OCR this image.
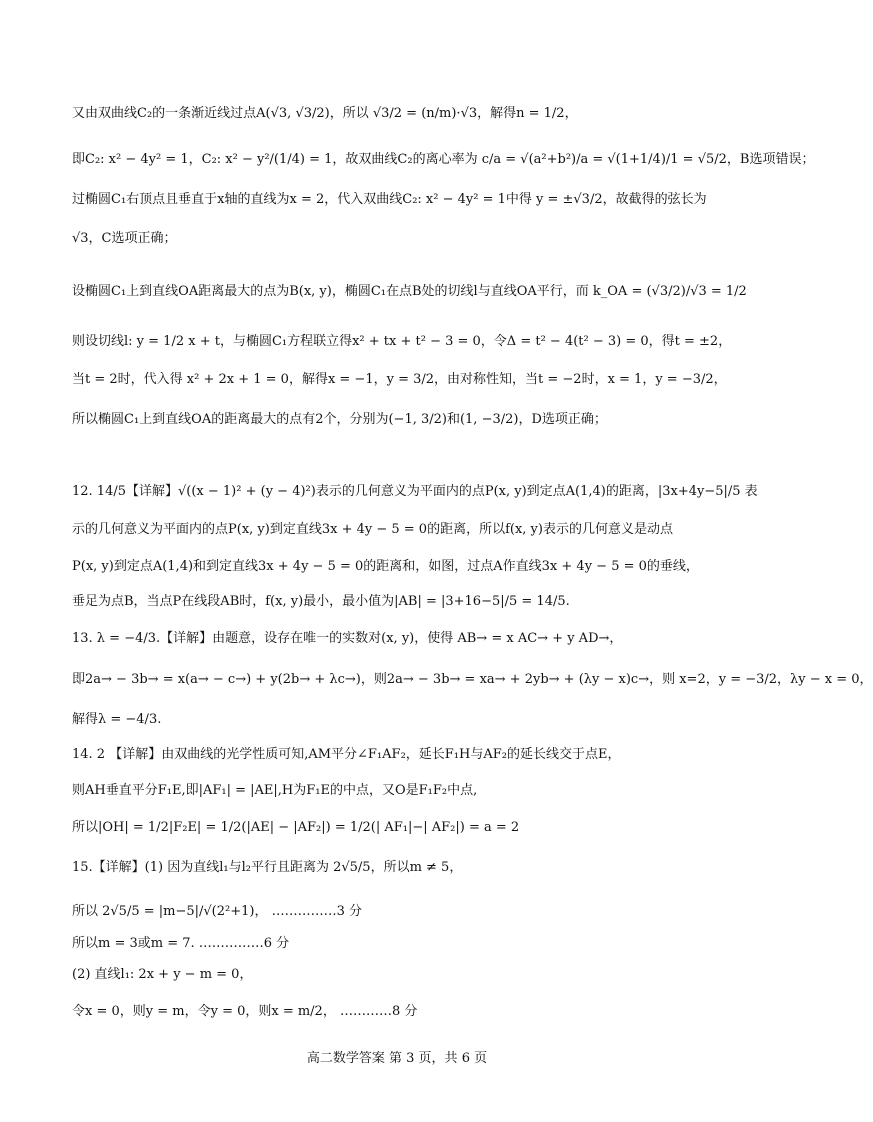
又由双曲线C₂的一条渐近线过点A(√3, √3/2)，所以 √3/2 = (n/m)·√3，解得n = 1/2，
即C₂: x² − 4y² = 1，C₂: x² − y²/(1/4) = 1，故双曲线C₂的离心率为 c/a = √(a²+b²)/a = √(1+1/4)/1 = √5/2，B选项错误；
过椭圆C₁右顶点且垂直于x轴的直线为x = 2，代入双曲线C₂: x² − 4y² = 1中得 y = ±√3/2，故截得的弦长为
√3，C选项正确；
设椭圆C₁上到直线OA距离最大的点为B(x, y)，椭圆C₁在点B处的切线l与直线OA平行，而 k_OA = (√3/2)/√3 = 1/2
则设切线l: y = 1/2 x + t，与椭圆C₁方程联立得x² + tx + t² − 3 = 0，令Δ = t² − 4(t² − 3) = 0，得t = ±2，
当t = 2时，代入得 x² + 2x + 1 = 0，解得x = −1，y = 3/2，由对称性知，当t = −2时，x = 1，y = −3/2，
所以椭圆C₁上到直线OA的距离最大的点有2个，分别为(−1, 3/2)和(1, −3/2)，D选项正确；
12. 14/5【详解】√((x − 1)² + (y − 4)²)表示的几何意义为平面内的点P(x, y)到定点A(1,4)的距离，|3x+4y−5|/5 表
示的几何意义为平面内的点P(x, y)到定直线3x + 4y − 5 = 0的距离，所以f(x, y)表示的几何意义是动点
P(x, y)到定点A(1,4)和到定直线3x + 4y − 5 = 0的距离和，如图，过点A作直线3x + 4y − 5 = 0的垂线，
垂足为点B，当点P在线段AB时，f(x, y)最小，最小值为|AB| = |3+16−5|/5 = 14/5.
13. λ = −4/3.【详解】由题意，设存在唯一的实数对(x, y)，使得 AB→ = x AC→ + y AD→，
即2a→ − 3b→ = x(a→ − c→) + y(2b→ + λc→)，则2a→ − 3b→ = xa→ + 2yb→ + (λy − x)c→，则 x=2，y = −3/2，λy − x = 0，
解得λ = −4/3.
14. 2 【详解】由双曲线的光学性质可知,AM平分∠F₁AF₂，延长F₁H与AF₂的延长线交于点E，
则AH垂直平分F₁E,即|AF₁| = |AE|,H为F₁E的中点，又O是F₁F₂中点,
所以|OH| = 1/2|F₂E| = 1/2(|AE| − |AF₂|) = 1/2(| AF₁|−| AF₂|) = a = 2
15.【详解】(1) 因为直线l₁与l₂平行且距离为 2√5/5，所以m ≠ 5，
所以 2√5/5 = |m−5|/√(2²+1)， ……………3 分
所以m = 3或m = 7. ……………6 分
(2) 直线l₁: 2x + y − m = 0，
令x = 0，则y = m，令y = 0，则x = m/2， …………8 分
高二数学答案 第 3 页，共 6 页
